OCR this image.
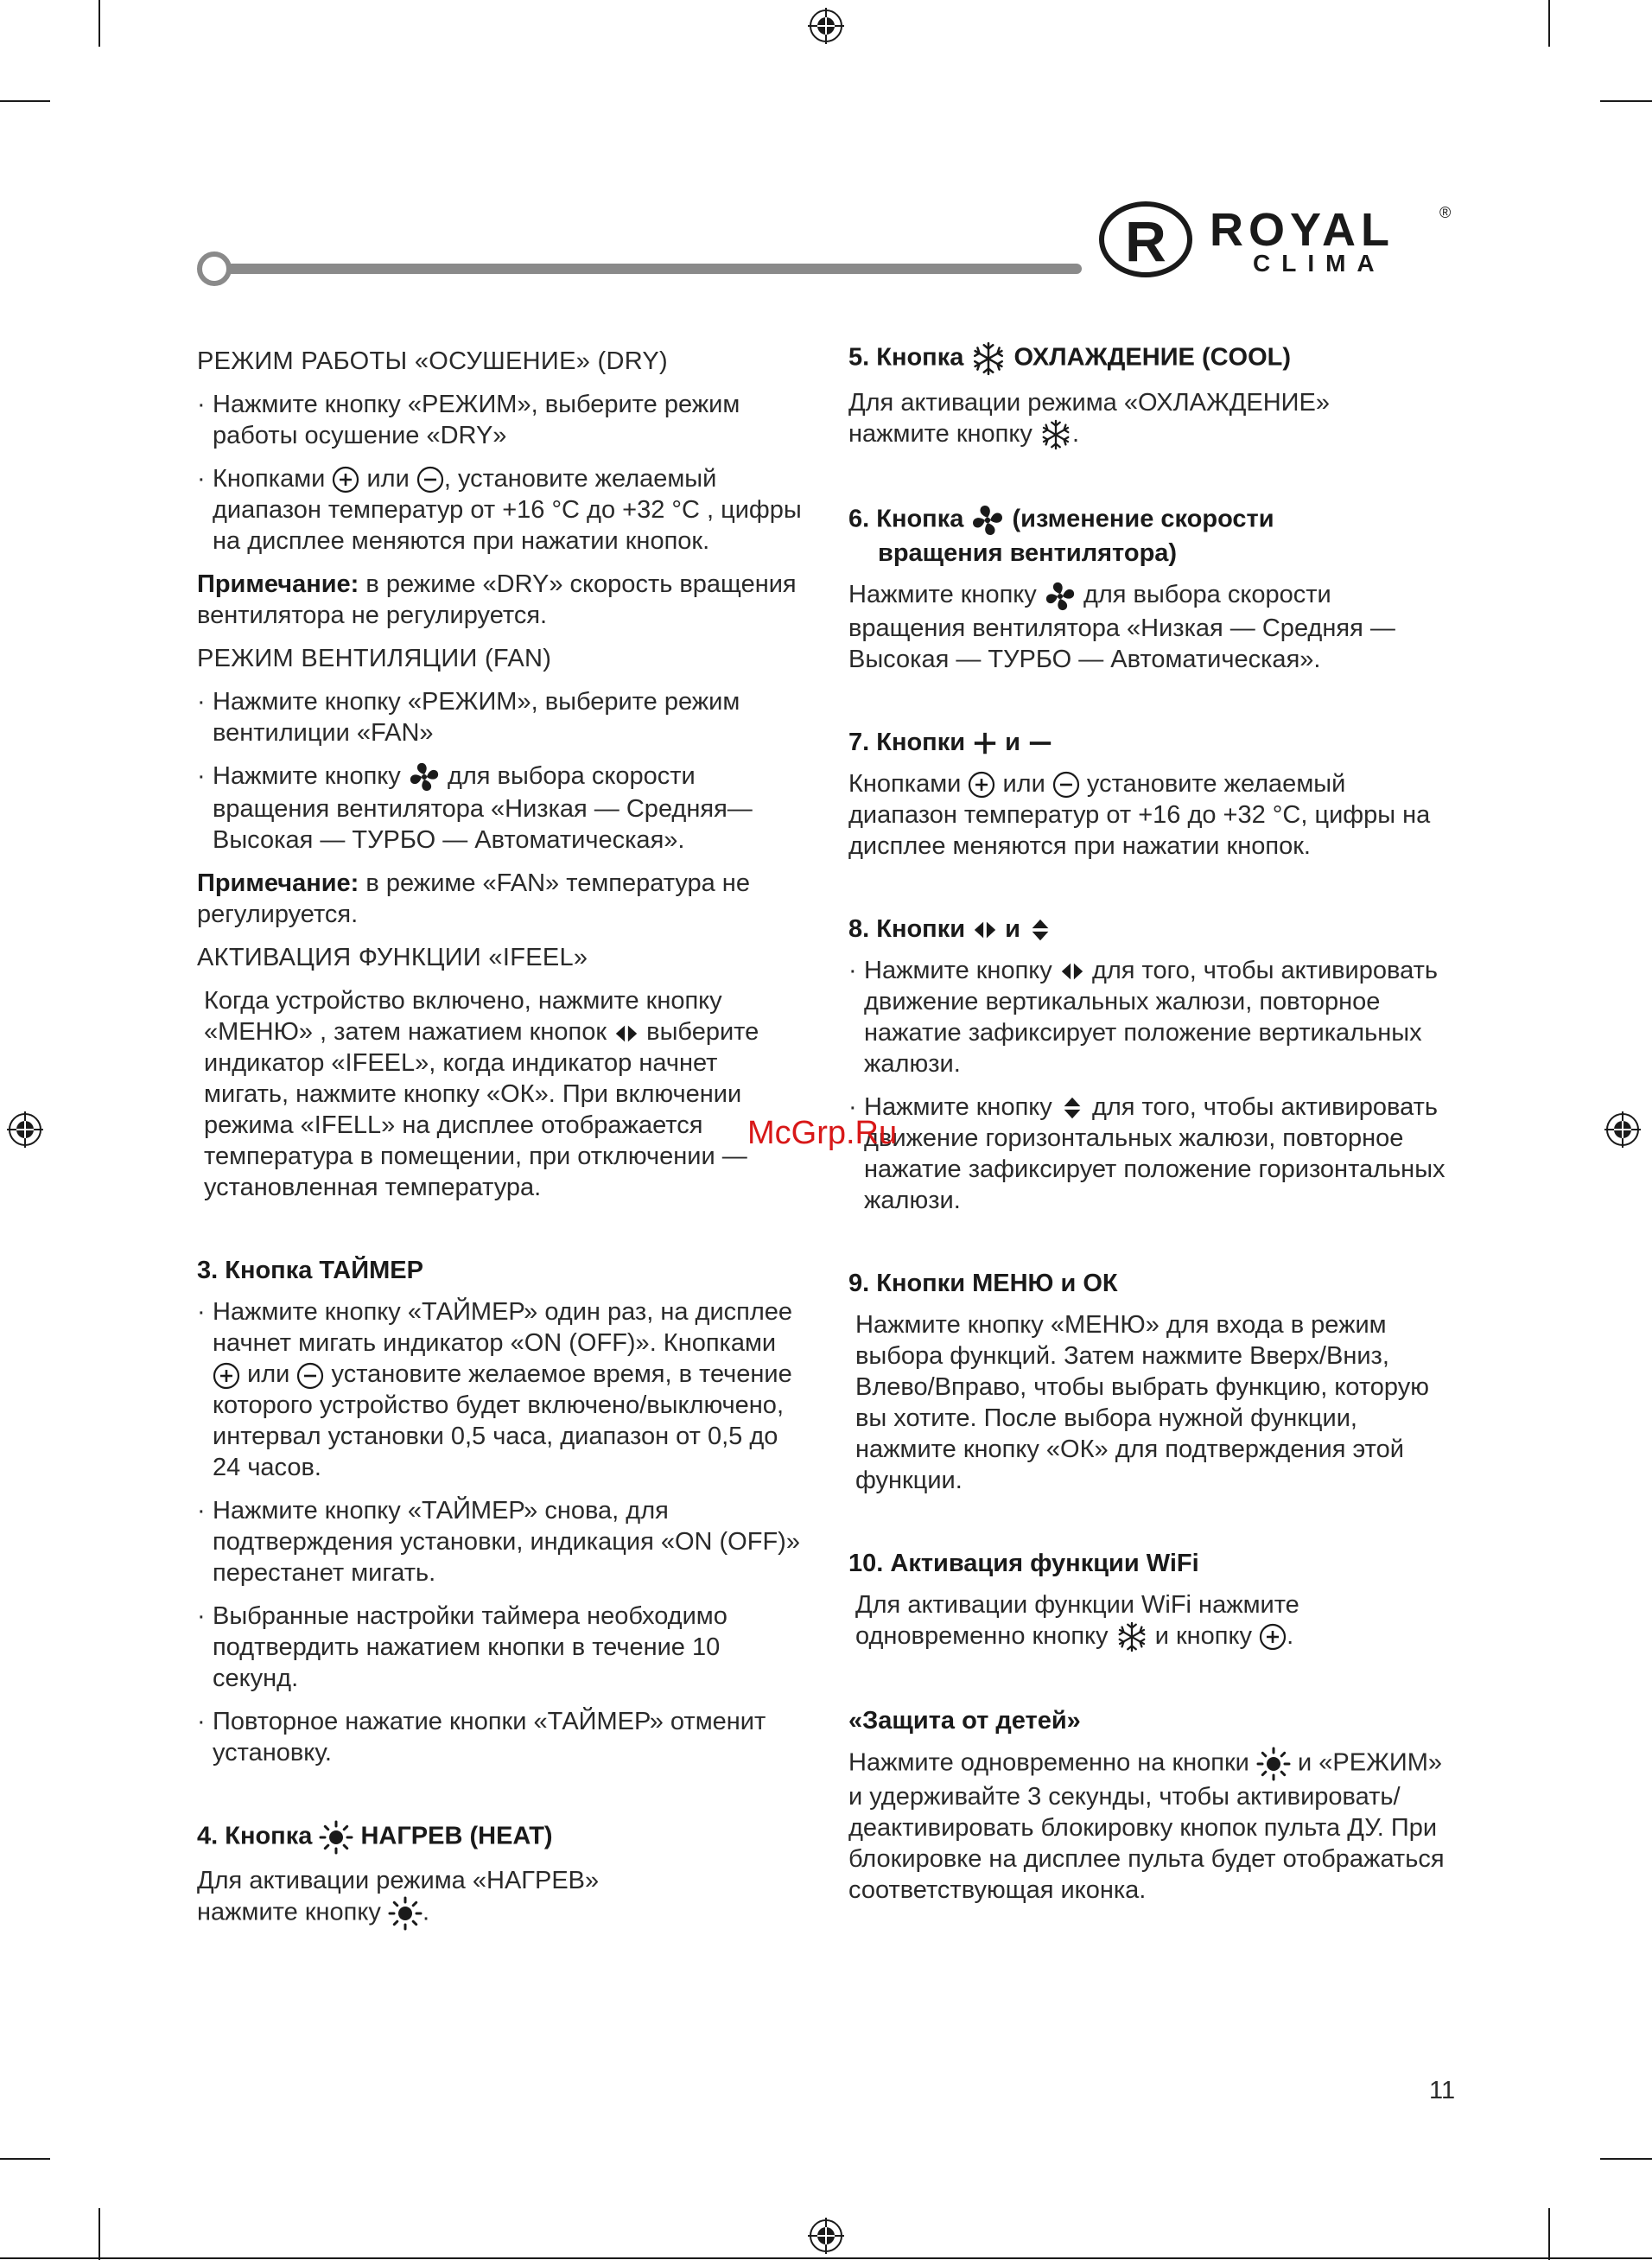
R ROYAL	®
CLIMA
РЕЖИМ РАБОТЫ «ОСУШЕНИЕ» (DRY)
· Нажмите кнопку «РЕЖИМ», выберите режим работы осушение «DRY»
· Кнопками или , установите желаемый диапазон температур от +16 °C до +32 °C , цифры на дисплее меняются при нажатии кнопок.
Примечание: в режиме «DRY» скорость вращения вентилятора не регулируется.
РЕЖИМ ВЕНТИЛЯЦИИ (FAN)
· Нажмите кнопку «РЕЖИМ», выберите режим вентилиции «FAN»
· Нажмите кнопку для выбора скорости вращения вентилятора «Низкая — Средняя— Высокая — ТУРБО — Автоматическая».
Примечание: в режиме «FAN» температура не регулируется.
АКТИВАЦИЯ ФУНКЦИИ «IFEEL»
Когда устройство включено, нажмите кнопку «МЕНЮ» , затем нажатием кнопок выберите индикатор «IFEEL», когда индикатор начнет мигать, нажмите кнопку «ОК». При включении режима «IFELL» на дисплее отображается температура в помещении, при отключении — установленная температура.
3. Кнопка ТАЙМЕР
· Нажмите кнопку «ТАЙМЕР» один раз, на дисплее начнет мигать индикатор «ON (OFF)». Кнопками  или установите желаемое время, в течение которого устройство будет включено/выключено, интервал установки 0,5 часа, диапазон от 0,5 до 24 часов.
· Нажмите кнопку «ТАЙМЕР» снова, для подтверждения установки, индикация «ON (OFF)» перестанет мигать.
· Выбранные настройки таймера необходимо подтвердить нажатием кнопки в течение 10 секунд.
· Повторное нажатие кнопки «ТАЙМЕР» отменит установку.
4. Кнопка НАГРЕВ (HEAT)
Для активации режима «НАГРЕВ»
нажмите кнопку .
5. Кнопка ОХЛАЖДЕНИЕ (COOL)
Для активации режима «ОХЛАЖДЕНИЕ»
нажмите кнопку .
6. Кнопка (изменение скорости
вращения вентилятора)
Нажмите кнопку для выбора скорости вращения вентилятора «Низкая — Средняя — Высокая — ТУРБО — Автоматическая».
7. Кнопки и
Кнопками или установите желаемый диапазон температур от +16 до +32 °C, цифры на дисплее меняются при нажатии кнопок.
8. Кнопки и
· Нажмите кнопку для того, чтобы активировать движение вертикальных жалюзи, повторное нажатие зафиксирует положение вертикальных жалюзи.
· Нажмите кнопку для того, чтобы активировать движение горизонтальных жалюзи, повторное нажатие зафиксирует положение горизонтальных жалюзи.
9. Кнопки МЕНЮ и ОК
Нажмите кнопку «МЕНЮ» для входа в режим выбора функций. Затем нажмите Вверх/Вниз, Влево/Вправо, чтобы выбрать функцию, которую вы хотите. После выбора нужной функции, нажмите кнопку «ОК» для подтверждения этой функции.
10. Активация функции WiFi
Для активации функции WiFi нажмите одновременно кнопку и кнопку .
«Защита от детей»
Нажмите одновременно на кнопки и «РЕЖИМ» и удерживайте 3 секунды, чтобы активировать/деактивировать блокировку кнопок пульта ДУ. При блокировке на дисплее пульта будет отображаться соответствующая иконка.
McGrp.Ru
11
